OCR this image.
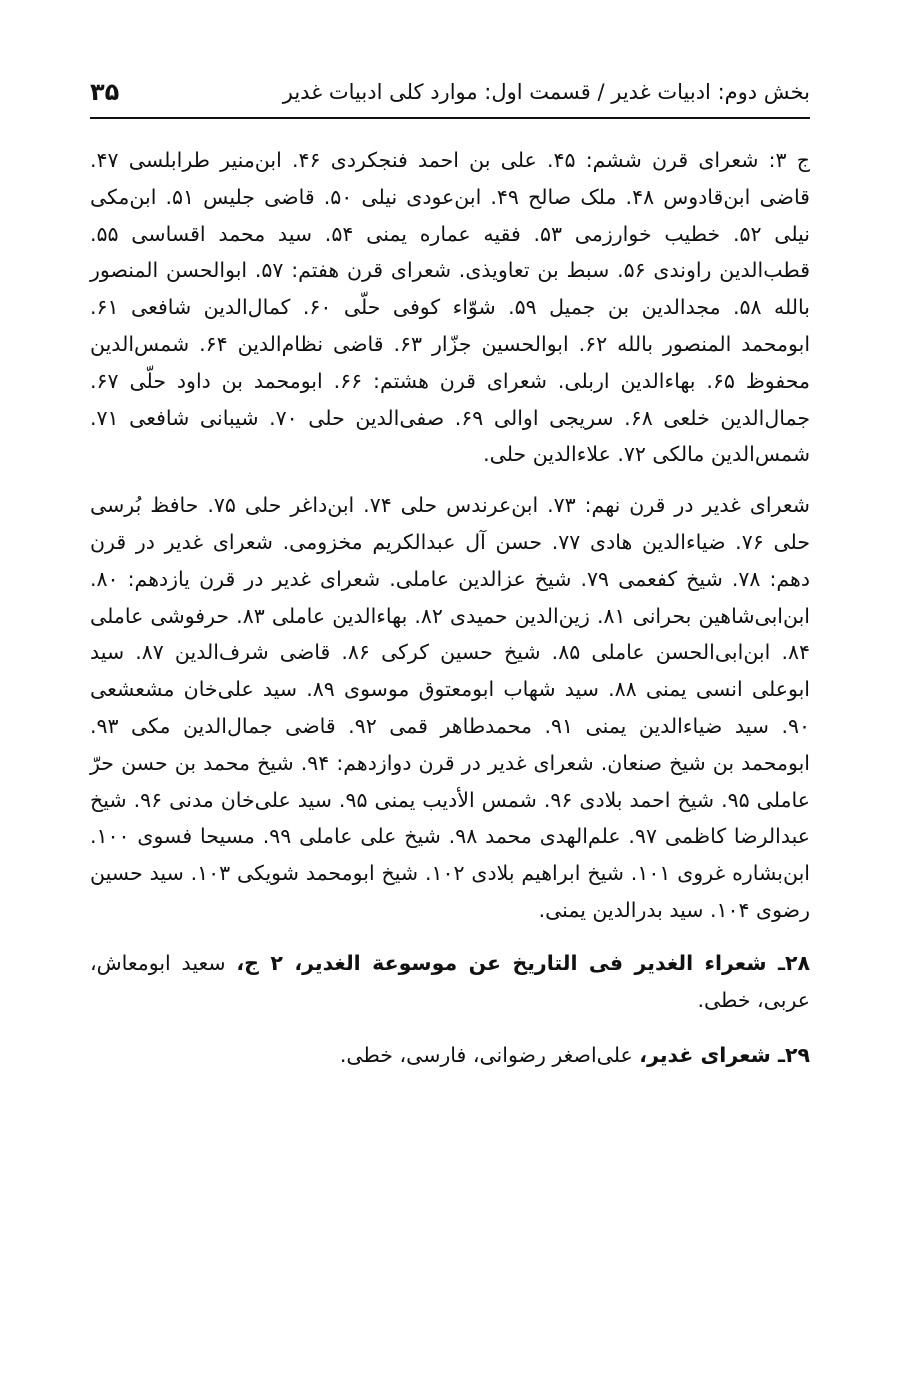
بخش دوم: ادبیات غدیر / قسمت اول: موارد کلی ادبیات غدیر
۳۵

ج ۳: شعرای قرن ششم: ۴۵. علی بن احمد فنجکردی ۴۶. ابن‌منیر طرابلسی ۴۷. قاضی ابن‌قادوس ۴۸. ملک صالح ۴۹. ابن‌عودی نیلی ۵۰. قاضی جلیس ۵۱. ابن‌مکی نیلی ۵۲. خطیب خوارزمی ۵۳. فقیه عماره یمنی ۵۴. سید محمد اقساسی ۵۵. قطب‌الدین راوندی ۵۶. سبط بن تعاویذی. شعرای قرن هفتم: ۵۷. ابوالحسن المنصور بالله ۵۸. مجدالدین بن جمیل ۵۹. شوّاء کوفی حلّی ۶۰. کمال‌الدین شافعی ۶۱. ابومحمد المنصور بالله ۶۲. ابوالحسین جزّار ۶۳. قاضی نظام‌الدین ۶۴. شمس‌الدین محفوظ ۶۵. بهاءالدین اربلی. شعرای قرن هشتم: ۶۶. ابومحمد بن داود حلّی ۶۷. جمال‌الدین خلعی ۶۸. سریجی اوالی ۶۹. صفی‌الدین حلی ۷۰. شیبانی شافعی ۷۱. شمس‌الدین مالکی ۷۲. علاءالدین حلی.

شعرای غدیر در قرن نهم: ۷۳. ابن‌عرندس حلی ۷۴. ابن‌داغر حلی ۷۵. حافظ بُرسی حلی ۷۶. ضیاءالدین هادی ۷۷. حسن آل عبدالکریم مخزومی. شعرای غدیر در قرن دهم: ۷۸. شیخ کفعمی ۷۹. شیخ عزالدین عاملی. شعرای غدیر در قرن یازدهم: ۸۰. ابن‌ابی‌شاهین بحرانی ۸۱. زین‌الدین حمیدی ۸۲. بهاءالدین عاملی ۸۳. حرفوشی عاملی ۸۴. ابن‌ابی‌الحسن عاملی ۸۵. شیخ حسین کرکی ۸۶. قاضی شرف‌الدین ۸۷. سید ابوعلی انسی یمنی ۸۸. سید شهاب ابومعتوق موسوی ۸۹. سید علی‌خان مشعشعی ۹۰. سید ضیاءالدین یمنی ۹۱. محمدطاهر قمی ۹۲. قاضی جمال‌الدین مکی ۹۳. ابومحمد بن شیخ صنعان. شعرای غدیر در قرن دوازدهم: ۹۴. شیخ محمد بن حسن حرّ عاملی ۹۵. شیخ احمد بلادی ۹۶. شمس الأدیب یمنی ۹۵. سید علی‌خان مدنی ۹۶. شیخ عبدالرضا کاظمی ۹۷. علم‌الهدی محمد ۹۸. شیخ علی عاملی ۹۹. مسیحا فسوی ۱۰۰. ابن‌بشاره غروی ۱۰۱. شیخ ابراهیم بلادی ۱۰۲. شیخ ابومحمد شویکی ۱۰۳. سید حسین رضوی ۱۰۴. سید بدرالدین یمنی.

۲۸ـ شعراء الغدیر فی التاریخ عن موسوعة الغدیر، ۲ ج، سعید ابومعاش، عربی، خطی.

۲۹ـ شعرای غدیر، علی‌اصغر رضوانی، فارسی، خطی.
